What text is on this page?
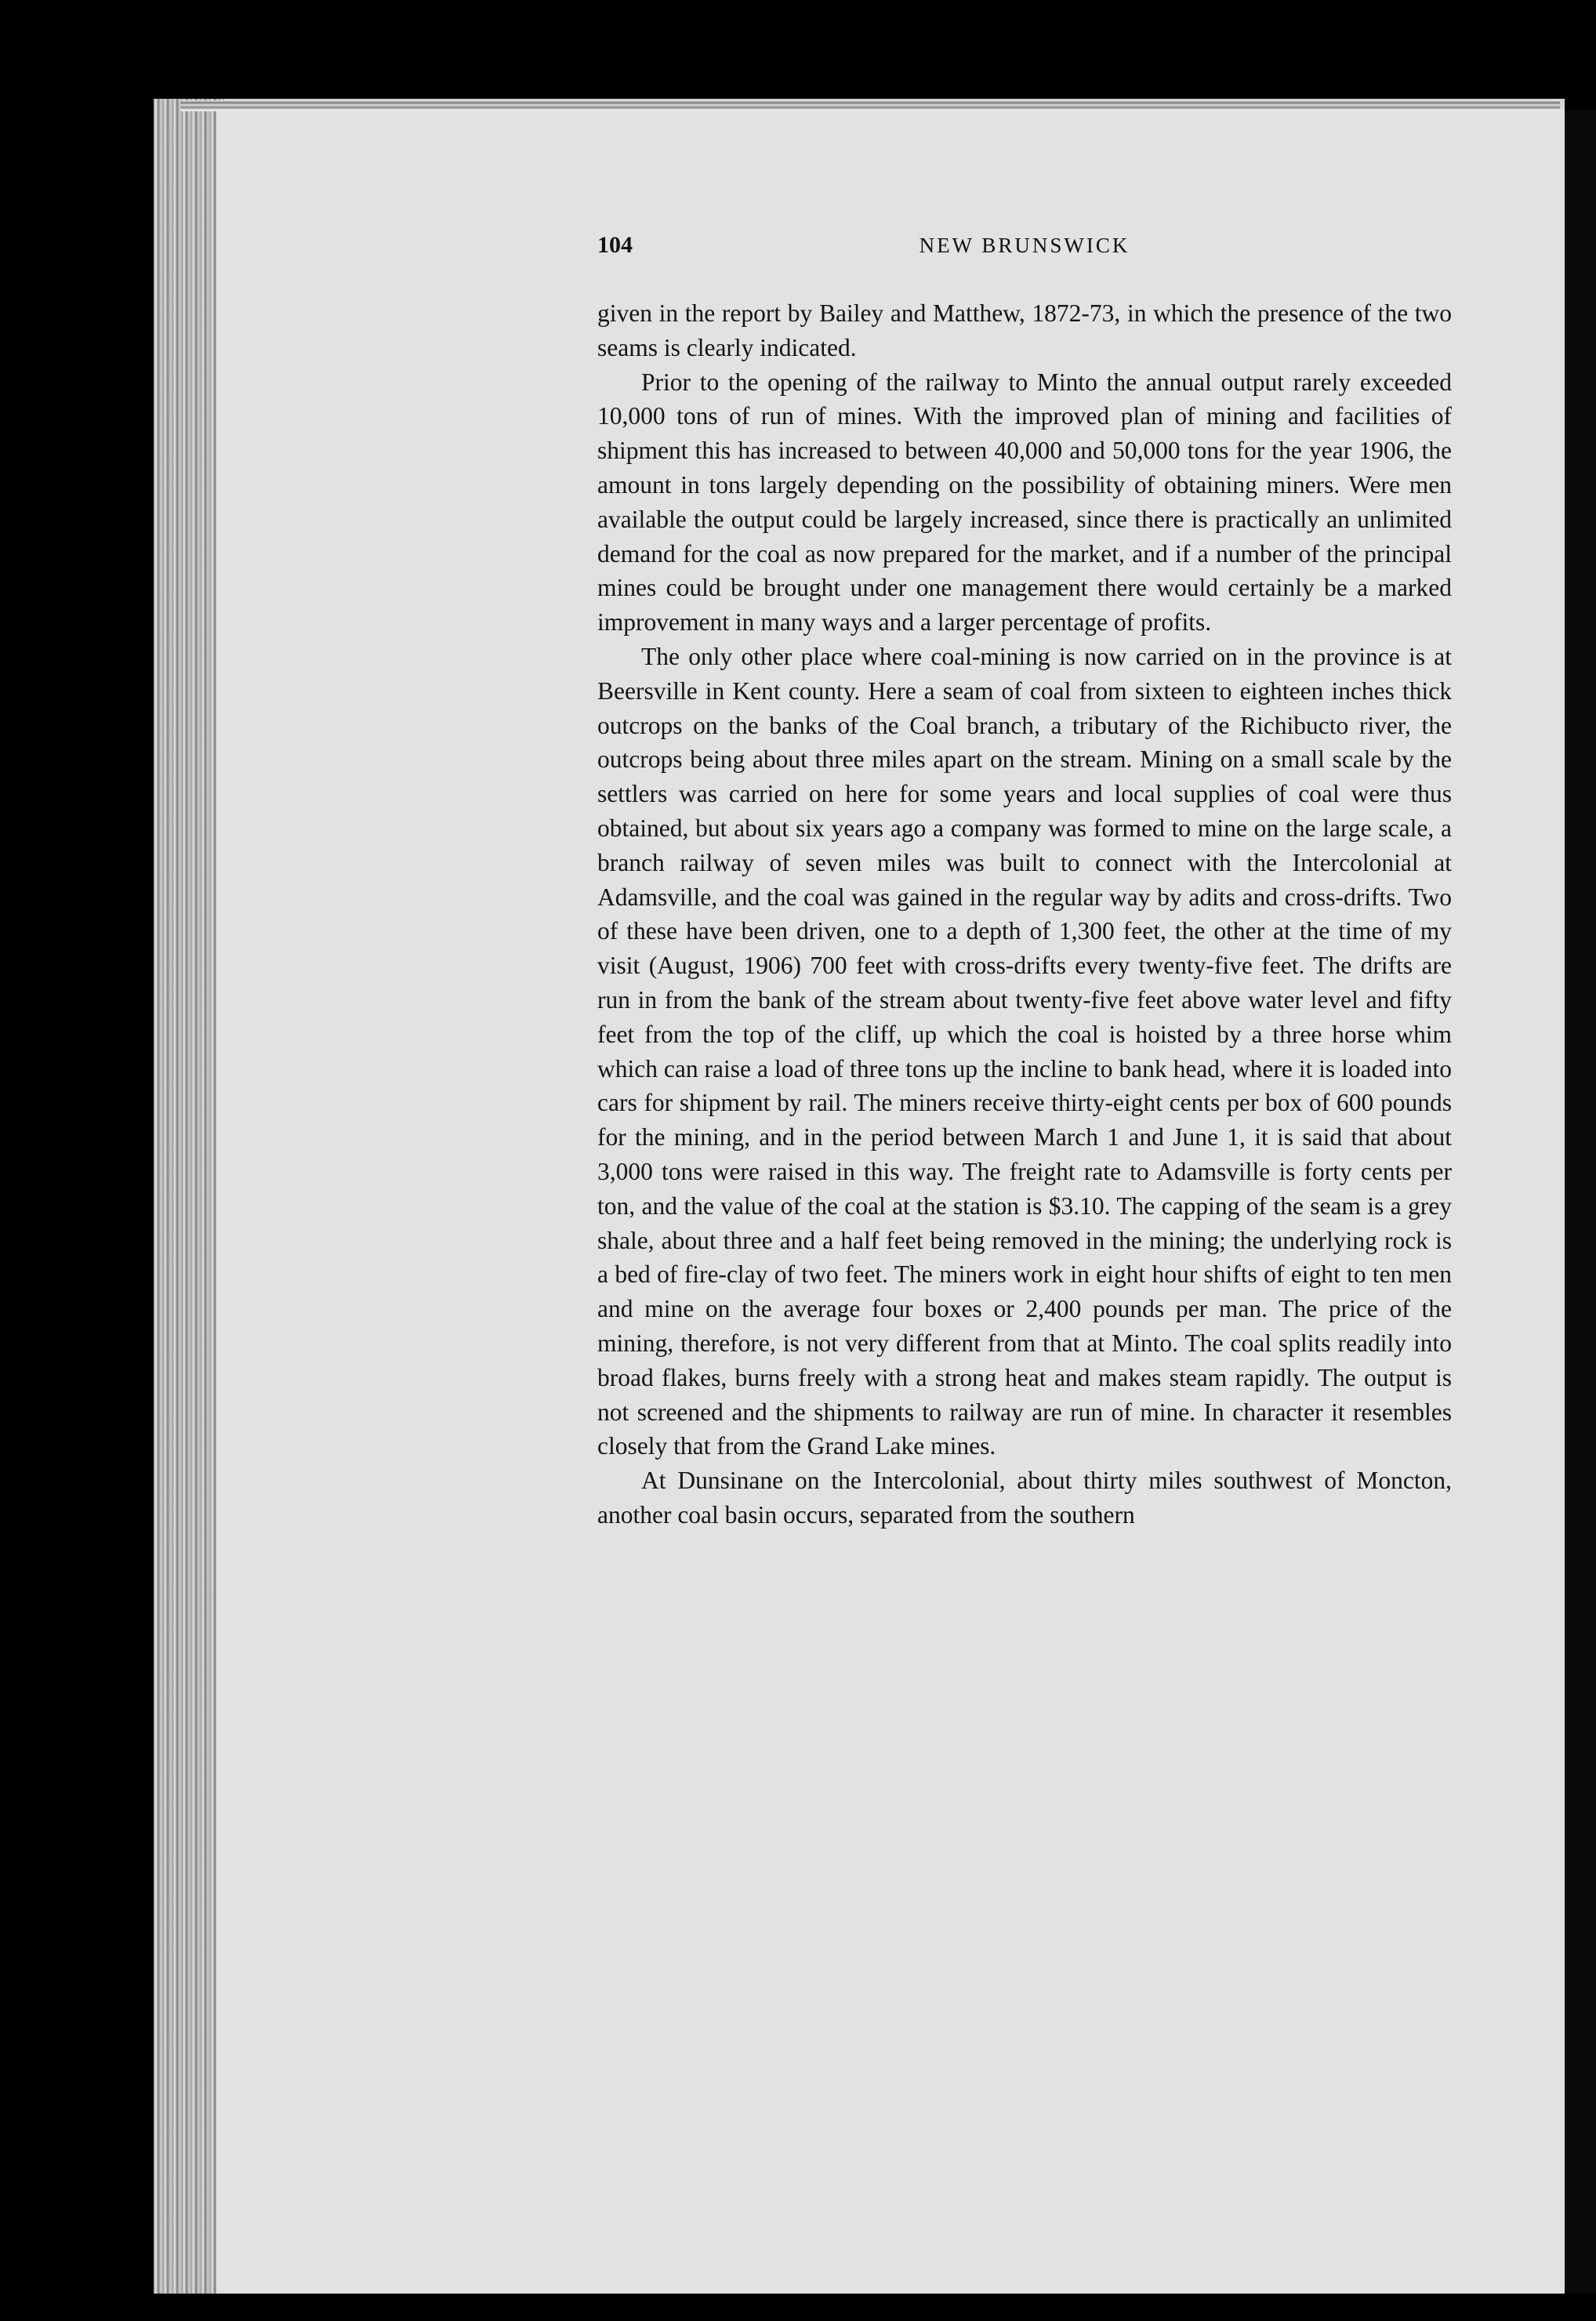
104	NEW BRUNSWICK

given in the report by Bailey and Matthew, 1872-73, in which the presence of the two seams is clearly indicated.

Prior to the opening of the railway to Minto the annual output rarely exceeded 10,000 tons of run of mines. With the improved plan of mining and facilities of shipment this has increased to between 40,000 and 50,000 tons for the year 1906, the amount in tons largely depending on the possibility of obtaining miners. Were men available the output could be largely increased, since there is practically an unlimited demand for the coal as now prepared for the market, and if a number of the principal mines could be brought under one management there would certainly be a marked improvement in many ways and a larger percentage of profits.

The only other place where coal-mining is now carried on in the province is at Beersville in Kent county. Here a seam of coal from sixteen to eighteen inches thick outcrops on the banks of the Coal branch, a tributary of the Richibucto river, the outcrops being about three miles apart on the stream. Mining on a small scale by the settlers was carried on here for some years and local supplies of coal were thus obtained, but about six years ago a company was formed to mine on the large scale, a branch railway of seven miles was built to connect with the Intercolonial at Adamsville, and the coal was gained in the regular way by adits and cross-drifts. Two of these have been driven, one to a depth of 1,300 feet, the other at the time of my visit (August, 1906) 700 feet with cross-drifts every twenty-five feet. The drifts are run in from the bank of the stream about twenty-five feet above water level and fifty feet from the top of the cliff, up which the coal is hoisted by a three horse whim which can raise a load of three tons up the incline to bank head, where it is loaded into cars for shipment by rail. The miners receive thirty-eight cents per box of 600 pounds for the mining, and in the period between March 1 and June 1, it is said that about 3,000 tons were raised in this way. The freight rate to Adamsville is forty cents per ton, and the value of the coal at the station is $3.10. The capping of the seam is a grey shale, about three and a half feet being removed in the mining; the underlying rock is a bed of fire-clay of two feet. The miners work in eight hour shifts of eight to ten men and mine on the average four boxes or 2,400 pounds per man. The price of the mining, therefore, is not very different from that at Minto. The coal splits readily into broad flakes, burns freely with a strong heat and makes steam rapidly. The output is not screened and the shipments to railway are run of mine. In character it resembles closely that from the Grand Lake mines.

At Dunsinane on the Intercolonial, about thirty miles southwest of Moncton, another coal basin occurs, separated from the southern
